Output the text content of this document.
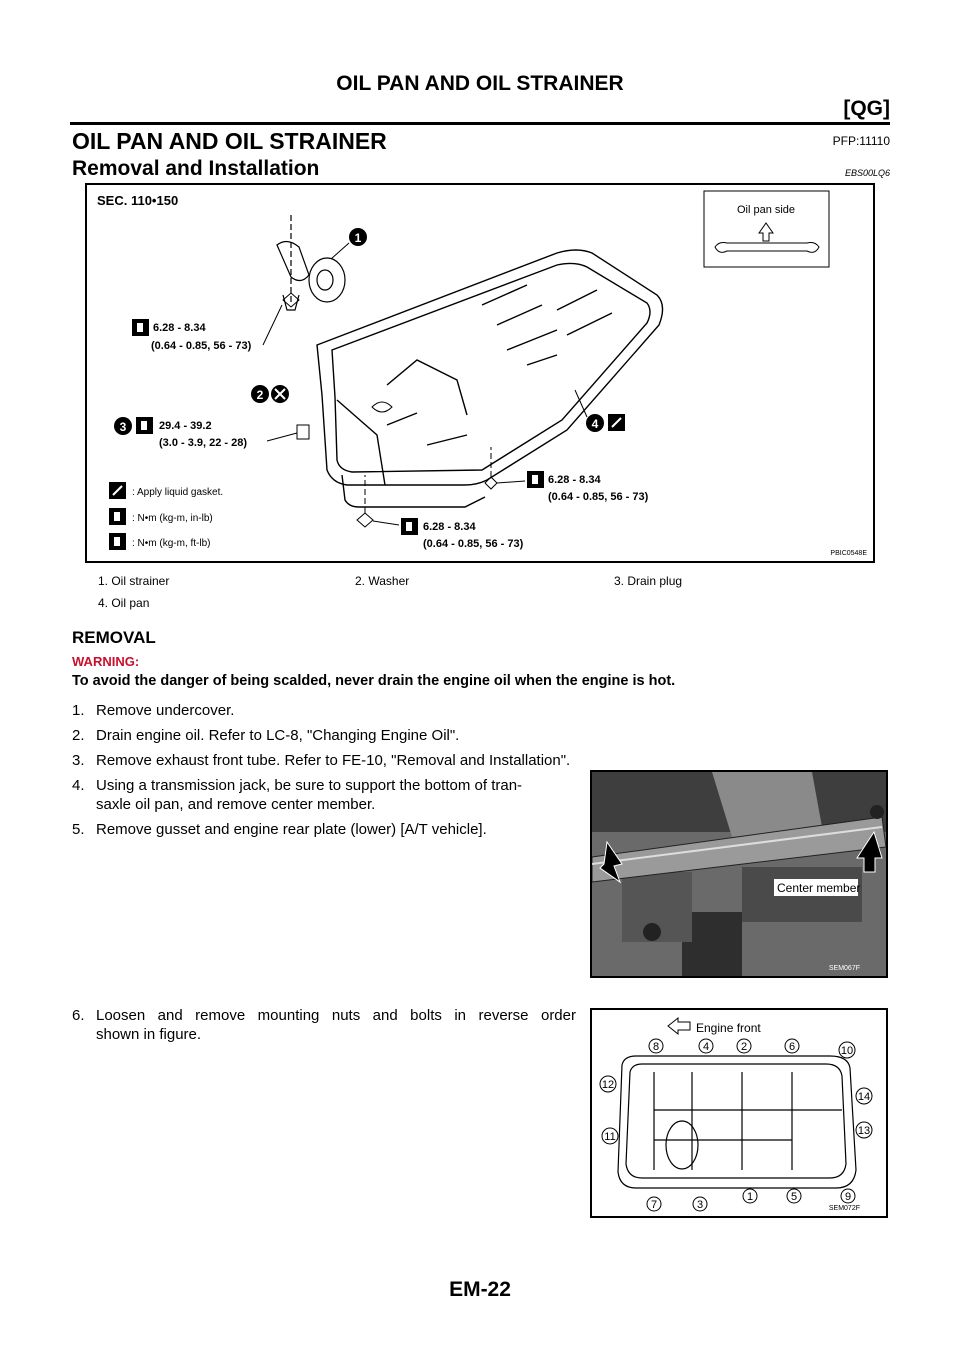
OIL PAN AND OIL STRAINER
[QG]
OIL PAN AND OIL STRAINER	PFP:11110
Removal and Installation	EBS00LQ6
SEC. 110•150
Oil pan side
1
2
3	4
6.28 - 8.34
(0.64 - 0.85, 56 - 73)
29.4 - 39.2
(3.0 - 3.9, 22 - 28)
6.28 - 8.34
(0.64 - 0.85, 56 - 73)
6.28 - 8.34
(0.64 - 0.85, 56 - 73)
: Apply liquid gasket.
: N•m (kg-m, in-lb)
: N•m (kg-m, ft-lb)
PBIC0548E
1. Oil strainer	2. Washer	3. Drain plug
4. Oil pan
REMOVAL
WARNING:
To avoid the danger of being scalded, never drain the engine oil when the engine is hot.
1. Remove undercover.
2. Drain engine oil. Refer to LC-8, "Changing Engine Oil".
3. Remove exhaust front tube. Refer to FE-10, "Removal and Installation".
4. Using a transmission jack, be sure to support the bottom of tran-
saxle oil pan, and remove center member.
5. Remove gusset and engine rear plate (lower) [A/T vehicle].
6. Loosen and remove mounting nuts and bolts in reverse order
shown in figure.
Center member
SEM067F
Engine front
8	4	2	6	10
12
14
11	13
7	3
1	5	9
SEM072F
EM-22
